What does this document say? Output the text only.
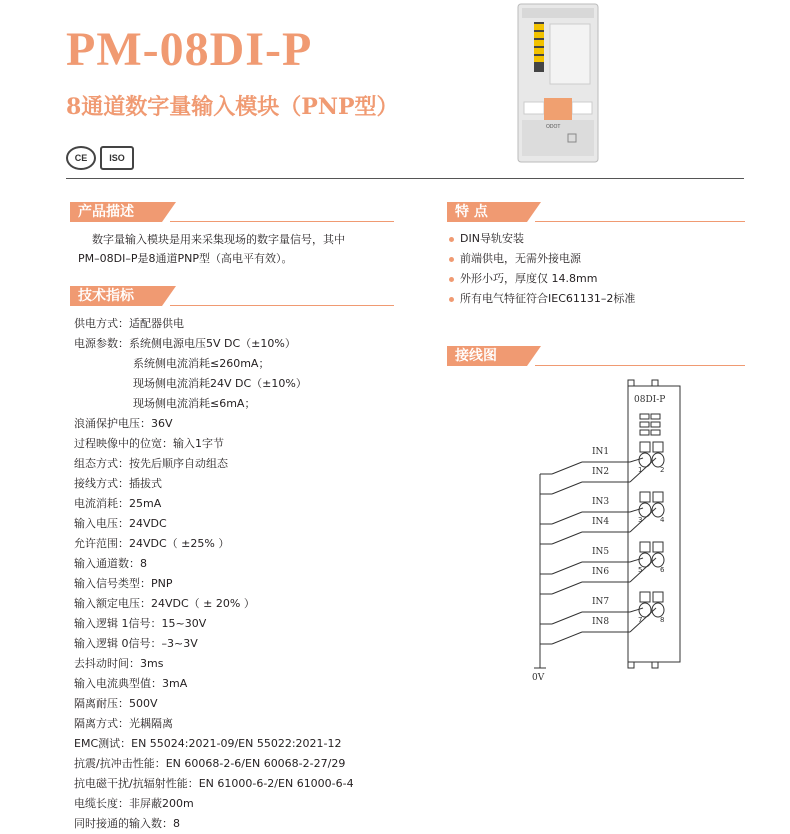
PM-08DI-P
8通道数字量输入模块（PNP型）
CE	ISO
ODOT
产品描述
数字量输入模块是用来采集现场的数字量信号，其中
PM–08DI–P是8通道PNP型（高电平有效）。
特 点
DIN导轨安装
前端供电，无需外接电源
外形小巧，厚度仅 14.8mm
所有电气特征符合IEC61131–2标准
接线图
08DI-P
0V
IN1
1
IN2	2
IN3
3
IN4	4
IN5
5
IN6	6
IN7
7
IN8	8
技术指标
供电方式：适配器供电
电源参数：系统侧电源电压5V DC（±10%）
系统侧电流消耗≤260mA；
现场侧电流消耗24V DC（±10%）
现场侧电流消耗≤6mA；
浪涌保护电压：36V
过程映像中的位宽：输入1字节
组态方式：按先后顺序自动组态
接线方式：插拔式
电流消耗：25mA
输入电压：24VDC
允许范围：24VDC（ ±25% ）
输入通道数：8
输入信号类型：PNP
输入额定电压：24VDC（ ± 20% ）
输入逻辑 1信号：15~30V
输入逻辑 0信号：–3~3V
去抖动时间：3ms
输入电流典型值：3mA
隔离耐压：500V
隔离方式：光耦隔离
EMC测试：EN 55024:2021-09/EN 55022:2021-12
抗震/抗冲击性能：EN 60068-2-6/EN 60068-2-27/29
抗电磁干扰/抗辐射性能：EN 61000-6-2/EN 61000-6-4
电缆长度：非屏蔽200m
同时接通的输入数：8
